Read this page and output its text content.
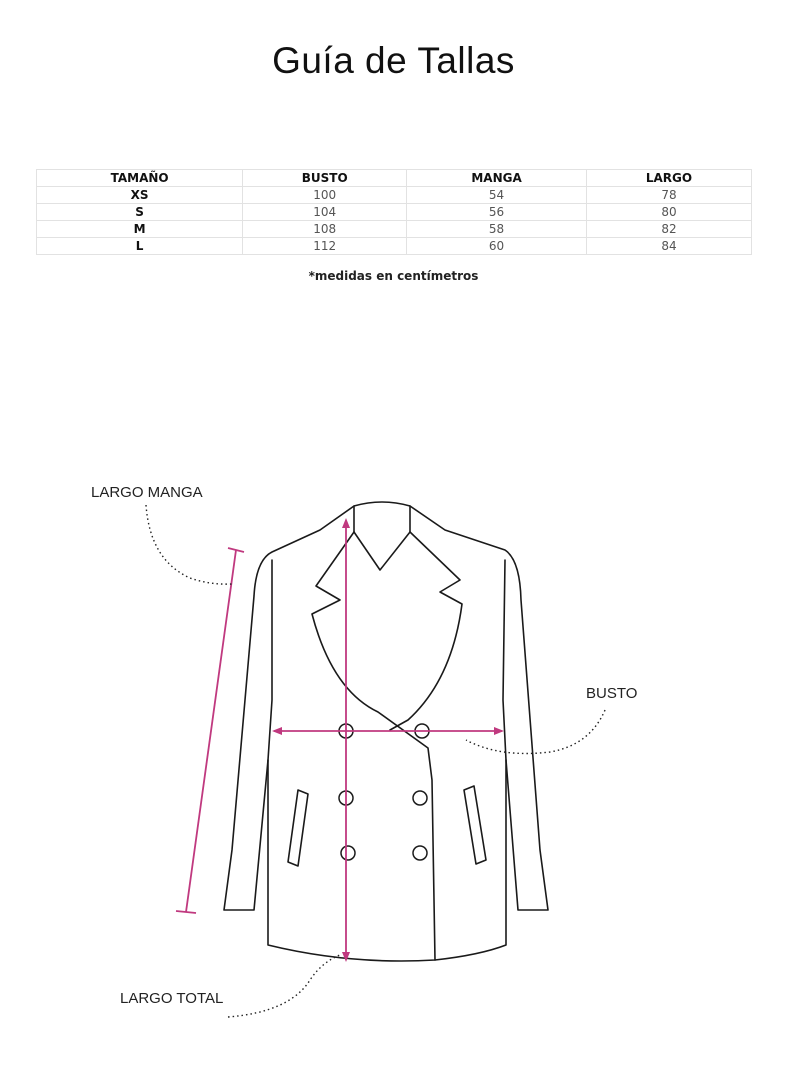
Guía de Tallas
TAMAÑO	BUSTO	MANGA	LARGO
XS	100	54	78
S	104	56	80
M	108	58	82
L	112	60	84
*medidas en centímetros
LARGO MANGA
BUSTO
LARGO TOTAL
